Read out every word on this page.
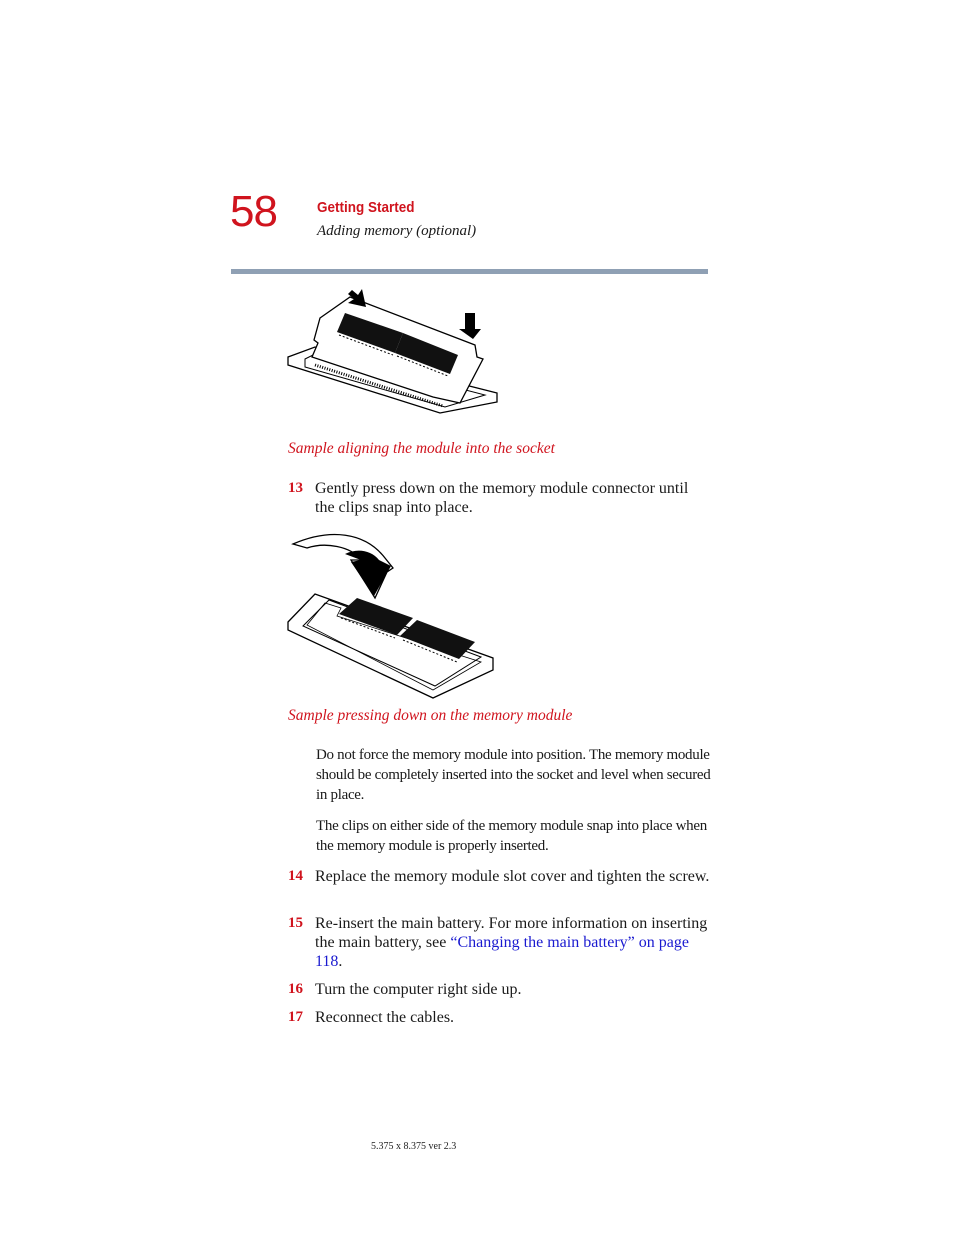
58	Getting Started
Adding memory (optional)
Sample aligning the module into the socket
13 Gently press down on the memory module connector until the clips snap into place.
Sample pressing down on the memory module
Do not force the memory module into position. The memory module should be completely inserted into the socket and level when secured in place.
The clips on either side of the memory module snap into place when the memory module is properly inserted.
14 Replace the memory module slot cover and tighten the screw.
15 Re-insert the main battery. For more information on inserting the main battery, see “Changing the main battery” on page 118.
16 Turn the computer right side up.
17 Reconnect the cables.
5.375 x 8.375 ver 2.3
